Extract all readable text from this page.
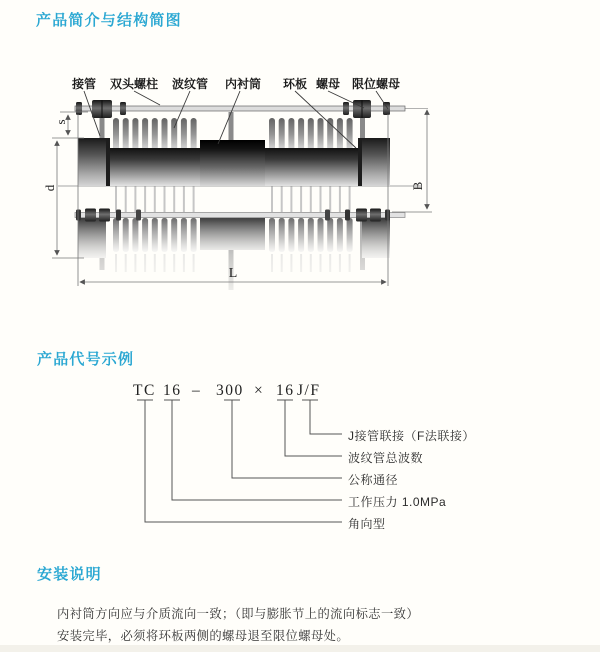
产品简介与结构简图
接管 双头螺柱 波纹管 内衬筒 环板 螺母 限位螺母
s
d	B
L
产品代号示例
TC 16 – 300 × 16 J/F
J接管联接（F法联接）
波纹管总波数
公称通径
工作压力 1.0MPa
角向型
安装说明
内衬筒方向应与介质流向一致；（即与膨胀节上的流向标志一致）
安装完毕，必须将环板两侧的螺母退至限位螺母处。
